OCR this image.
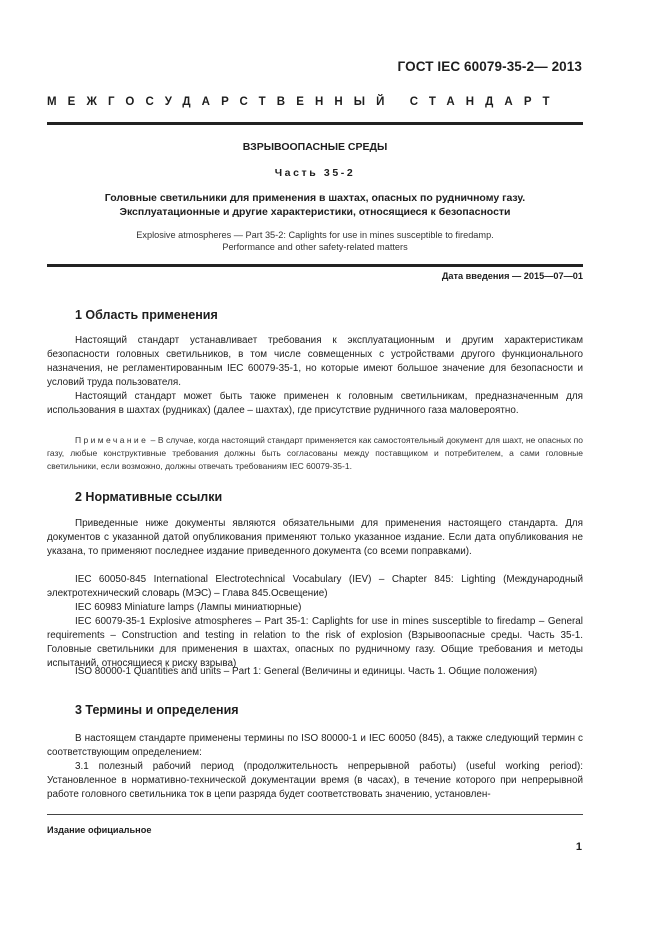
ГОСТ IEC 60079-35-2— 2013
МЕЖГОСУДАРСТВЕННЫЙ СТАНДАРТ
ВЗРЫВООПАСНЫЕ СРЕДЫ
Часть 35-2
Головные светильники для применения в шахтах, опасных по рудничному газу.
Эксплуатационные и другие характеристики, относящиеся к безопасности
Explosive atmospheres — Part 35-2: Caplights for use in mines susceptible to firedamp.
Performance and other safety-related matters
Дата введения — 2015—07—01
1 Область применения

Настоящий стандарт устанавливает требования к эксплуатационным и другим характеристикам безопасности головных светильников, в том числе совмещенных с устройствами другого функционального назначения, не регламентированным IEC 60079-35-1, но которые имеют большое значение для безопасности и условий труда пользователя.

Настоящий стандарт может быть также применен к головным светильникам, предназначенным для использования в шахтах (рудниках) (далее – шахтах), где присутствие рудничного газа маловероятно.

Примечание – В случае, когда настоящий стандарт применяется как самостоятельный документ для шахт, не опасных по газу, любые конструктивные требования должны быть согласованы между поставщиком и потребителем, а сами головные светильники, если возможно, должны отвечать требованиям IEC 60079-35-1.

2 Нормативные ссылки

Приведенные ниже документы являются обязательными для применения настоящего стандарта. Для документов с указанной датой опубликования применяют только указанное издание. Если дата опубликования не указана, то применяют последнее издание приведенного документа (со всеми поправками).

IEC 60050-845 International Electrotechnical Vocabulary (IEV) – Chapter 845: Lighting (Международный электротехнический словарь (МЭС) – Глава 845.Освещение)

IEC 60983 Miniature lamps (Лампы миниатюрные)

IEC 60079-35-1 Explosive atmospheres – Part 35-1: Caplights for use in mines susceptible to firedamp – General requirements – Construction and testing in relation to the risk of explosion (Взрывоопасные среды. Часть 35-1. Головные светильники для применения в шахтах, опасных по рудничному газу. Общие требования и методы испытаний, относящиеся к риску взрыва)

ISO 80000-1 Quantities and units – Part 1: General (Величины и единицы. Часть 1. Общие положения)

3 Термины и определения

В настоящем стандарте применены термины по ISO 80000-1 и IEC 60050 (845), а также следующий термин с соответствующим определением:

3.1 полезный рабочий период (продолжительность непрерывной работы) (useful working period): Установленное в нормативно-технической документации время (в часах), в течение которого при непрерывной работе головного светильника ток в цепи разряда будет соответствовать значению, установлен-

Издание официальное
1
